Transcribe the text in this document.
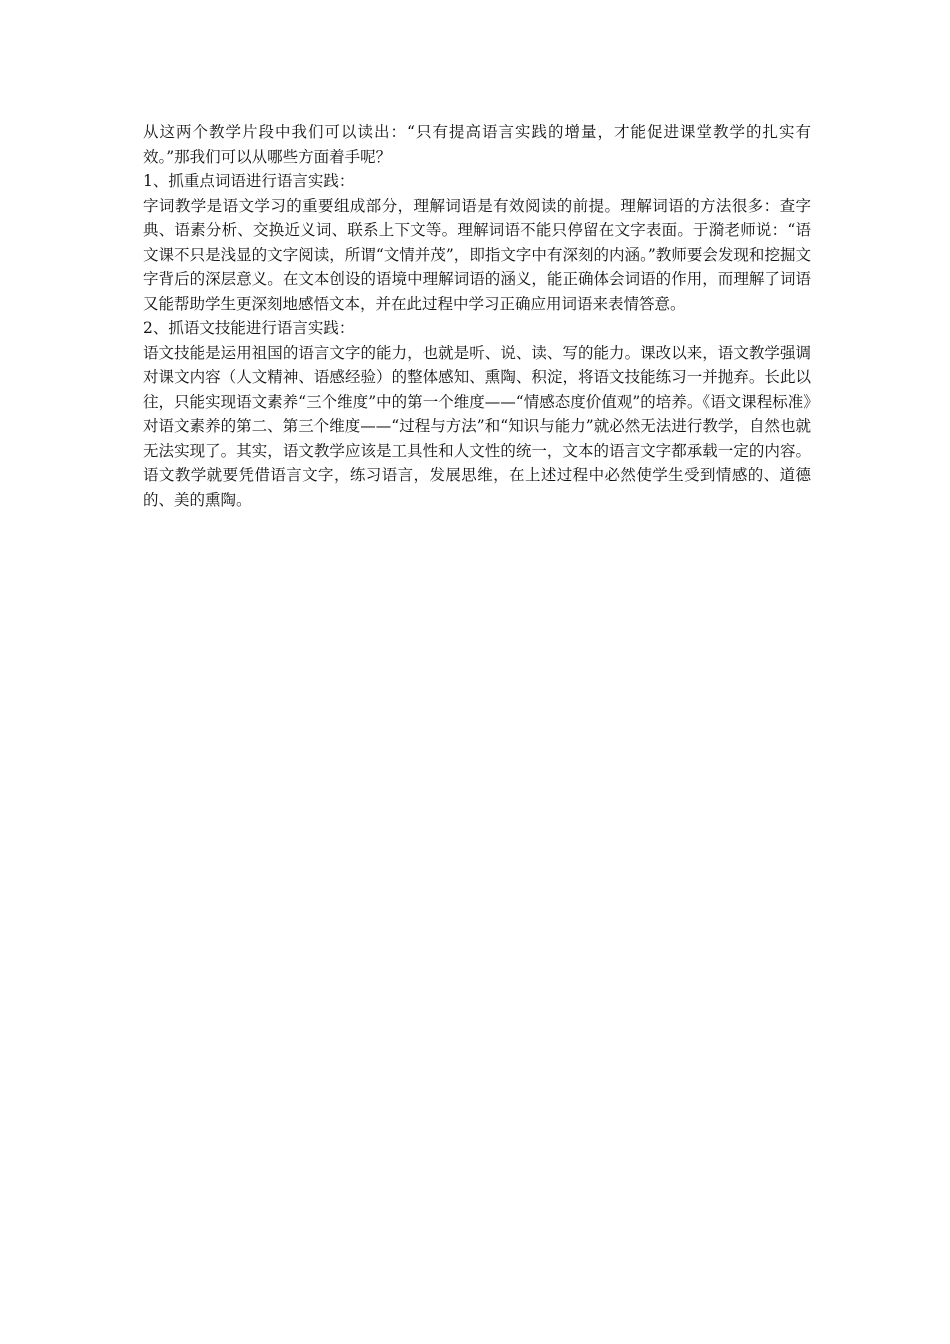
从这两个教学片段中我们可以读出：“只有提高语言实践的增量，才能促进课堂教学的扎实有效。”那我们可以从哪些方面着手呢？

1、抓重点词语进行语言实践：

字词教学是语文学习的重要组成部分，理解词语是有效阅读的前提。理解词语的方法很多：查字典、语素分析、交换近义词、联系上下文等。理解词语不能只停留在文字表面。于漪老师说：“语文课不只是浅显的文字阅读，所谓“文情并茂”，即指文字中有深刻的内涵。”教师要会发现和挖掘文字背后的深层意义。在文本创设的语境中理解词语的涵义，能正确体会词语的作用，而理解了词语又能帮助学生更深刻地感悟文本，并在此过程中学习正确应用词语来表情答意。

2、抓语文技能进行语言实践：

语文技能是运用祖国的语言文字的能力，也就是听、说、读、写的能力。课改以来，语文教学强调对课文内容（人文精神、语感经验）的整体感知、熏陶、积淀，将语文技能练习一并抛弃。长此以往，只能实现语文素养“三个维度”中的第一个维度——“情感态度价值观”的培养。《语文课程标准》对语文素养的第二、第三个维度——“过程与方法”和“知识与能力”就必然无法进行教学，自然也就无法实现了。其实，语文教学应该是工具性和人文性的统一，文本的语言文字都承载一定的内容。语文教学就要凭借语言文字，练习语言，发展思维，在上述过程中必然使学生受到情感的、道德的、美的熏陶。
